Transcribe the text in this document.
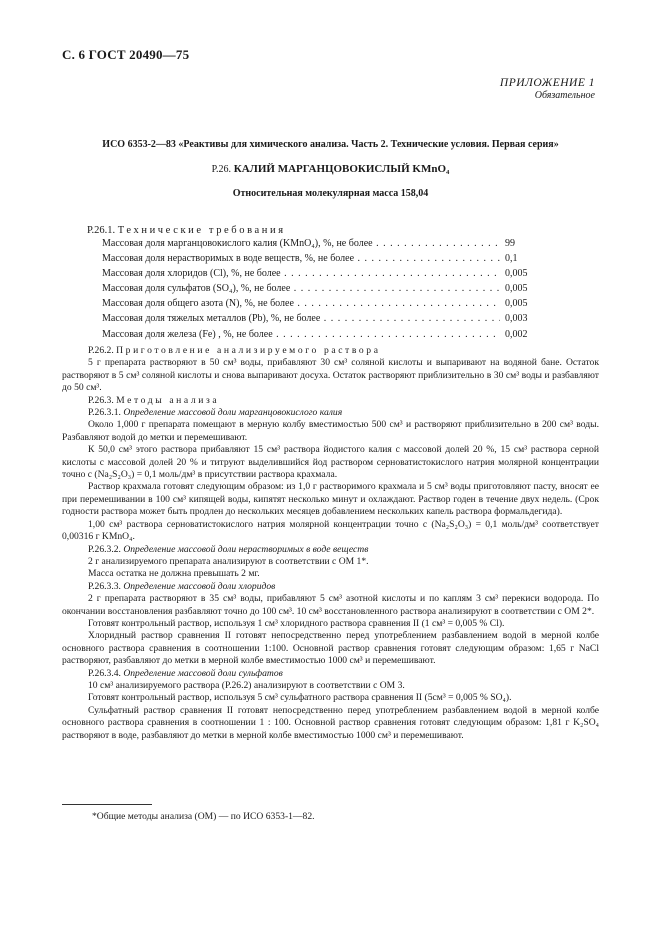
С. 6 ГОСТ 20490—75
ПРИЛОЖЕНИЕ 1
Обязательное
ИСО 6353-2—83 «Реактивы для химического анализа. Часть 2. Технические условия. Первая серия»
Р.26. КАЛИЙ МАРГАНЦОВОКИСЛЫЙ KMnO₄
Относительная молекулярная масса 158,04
Р.26.1. Технические требования
Массовая доля марганцовокислого калия (KMnO₄), %, не более . . .	99
Массовая доля нерастворимых в воде веществ, %, не более . . .	0,1
Массовая доля хлоридов (Cl), %, не более . . .	0,005
Массовая доля сульфатов (SO₄), %, не более . . .	0,005
Массовая доля общего азота (N), %, не более . . .	0,005
Массовая доля тяжелых металлов (Pb), %, не более . . .	0,003
Массовая доля железа (Fe) , %, не более . . .	0,002

Р.26.2. Приготовление анализируемого раствора

5 г препарата растворяют в 50 см³ воды, прибавляют 30 см³ соляной кислоты и выпаривают на водяной бане. Остаток растворяют в 5 см³ соляной кислоты и снова выпаривают досуха. Остаток растворяют приблизительно в 30 см³ воды и разбавляют до 50 см³.

Р.26.3. Методы анализа

Р.26.3.1. Определение массовой доли марганцовокислого калия

Около 1,000 г препарата помещают в мерную колбу вместимостью 500 см³ и растворяют приблизительно в 200 см³ воды. Разбавляют водой до метки и перемешивают.

К 50,0 см³ этого раствора прибавляют 15 см³ раствора йодистого калия с массовой долей 20 %, 15 см³ раствора серной кислоты с массовой долей 20 % и титруют выделившийся йод раствором серноватистокислого натрия молярной концентрации точно c (Na₂S₂O₃) = 0,1 моль/дм³ в присутствии раствора крахмала.

Раствор крахмала готовят следующим образом: из 1,0 г растворимого крахмала и 5 см³ воды приготовляют пасту, вносят ее при перемешивании в 100 см³ кипящей воды, кипятят несколько минут и охлаждают. Раствор годен в течение двух недель. (Срок годности раствора может быть продлен до нескольких месяцев добавлением нескольких капель раствора формальдегида).

1,00 см³ раствора серноватистокислого натрия молярной концентрации точно c (Na₂S₂O₃) = 0,1 моль/дм³ соответствует 0,00316 г KMnO₄.

Р.26.3.2. Определение массовой доли нерастворимых в воде веществ

2 г анализируемого препарата анализируют в соответствии с ОМ 1*.

Масса остатка не должна превышать 2 мг.

Р.26.3.3. Определение массовой доли хлоридов

2 г препарата растворяют в 35 см³ воды, прибавляют 5 см³ азотной кислоты и по каплям 3 см³ перекиси водорода. По окончании восстановления разбавляют точно до 100 см³. 10 см³ восстановленного раствора анализируют в соответствии с ОМ 2*.

Готовят контрольный раствор, используя 1 см³ хлоридного раствора сравнения II (1 см³ = 0,005 % Cl).

Хлоридный раствор сравнения II готовят непосредственно перед употреблением разбавлением водой в мерной колбе основного раствора сравнения в соотношении 1:100. Основной раствор сравнения готовят следующим образом: 1,65 г NaCl растворяют, разбавляют до метки в мерной колбе вместимостью 1000 см³ и перемешивают.

Р.26.3.4. Определение массовой доли сульфатов

10 см³ анализируемого раствора (Р.26.2) анализируют в соответствии с ОМ 3.

Готовят контрольный раствор, используя 5 см³ сульфатного раствора сравнения II (5см³ = 0,005 % SO₄).

Сульфатный раствор сравнения II готовят непосредственно перед употреблением разбавлением водой в мерной колбе основного раствора сравнения в соотношении 1 : 100. Основной раствор сравнения готовят следующим образом: 1,81 г K₂SO₄ растворяют в воде, разбавляют до метки в мерной колбе вместимостью 1000 см³ и перемешивают.

*Общие методы анализа (ОМ) — по ИСО 6353-1—82.
